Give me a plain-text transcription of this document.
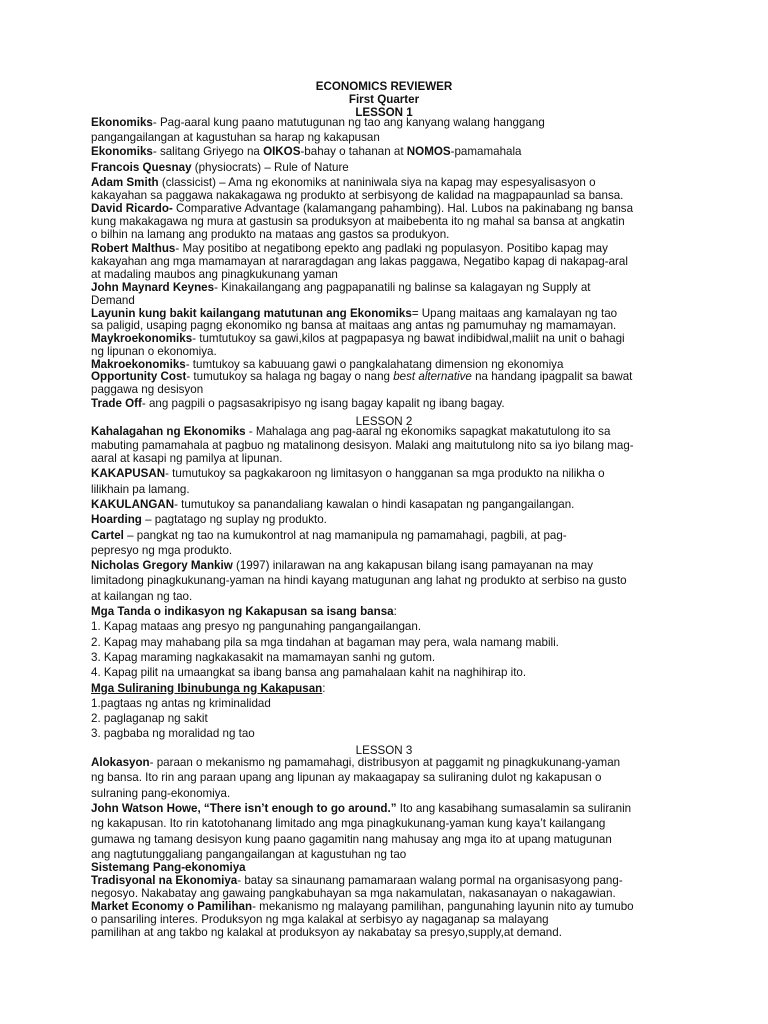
ECONOMICS REVIEWER
First Quarter
LESSON 1
Ekonomiks- Pag-aaral kung paano matutugunan ng tao ang kanyang walang hanggang
pangangailangan at kagustuhan sa harap ng kakapusan
Ekonomiks- salitang Griyego na OIKOS-bahay o tahanan at NOMOS-pamamahala
Francois Quesnay (physiocrats) – Rule of Nature
Adam Smith (classicist) – Ama ng ekonomiks at naniniwala siya na kapag may espesyalisasyon o
kakayahan sa paggawa nakakagawa ng produkto at serbisyong de kalidad na magpapaunlad sa bansa.
David Ricardo- Comparative Advantage (kalamangang pahambing). Hal. Lubos na pakinabang ng bansa
kung makakagawa ng mura at gastusin sa produksyon at maibebenta ito ng mahal sa bansa at angkatin
o bilhin na lamang ang produkto na mataas ang gastos sa produkyon.
Robert Malthus- May positibo at negatibong epekto ang padlaki ng populasyon. Positibo kapag may
kakayahan ang mga mamamayan at nararagdagan ang lakas paggawa, Negatibo kapag di nakapag-aral
at madaling maubos ang pinagkukunang yaman
John Maynard Keynes- Kinakailangang ang pagpapanatili ng balinse sa kalagayan ng Supply at
Demand
Layunin kung bakit kailangang matutunan ang Ekonomiks= Upang maitaas ang kamalayan ng tao
sa paligid, usaping pagng ekonomiko ng bansa at maitaas ang antas ng pamumuhay ng mamamayan.
Maykroekonomiks- tumtutukoy sa gawi,kilos at pagpapasya ng bawat indibidwal,maliit na unit o bahagi
ng lipunan o ekonomiya.
Makroekonomiks- tumtukoy sa kabuuang gawi o pangkalahatang dimension ng ekonomiya
Opportunity Cost- tumutukoy sa halaga ng bagay o nang best alternative na handang ipagpalit sa bawat
paggawa ng desisyon
Trade Off- ang pagpili o pagsasakripisyo ng isang bagay kapalit ng ibang bagay.
LESSON 2
Kahalagahan ng Ekonomiks - Mahalaga ang pag-aaral ng ekonomiks sapagkat makatutulong ito sa
mabuting pamamahala at pagbuo ng matalinong desisyon. Malaki ang maitutulong nito sa iyo bilang mag-
aaral at kasapi ng pamilya at lipunan.
KAKAPUSAN- tumutukoy sa pagkakaroon ng limitasyon o hangganan sa mga produkto na nilikha o
lilikhain pa lamang.
KAKULANGAN- tumutukoy sa panandaliang kawalan o hindi kasapatan ng pangangailangan.
Hoarding – pagtatago ng suplay ng produkto.
Cartel – pangkat ng tao na kumukontrol at nag mamanipula ng pamamahagi, pagbili, at pag-
pepresyo ng mga produkto.
Nicholas Gregory Mankiw (1997) inilarawan na ang kakapusan bilang isang pamayanan na may
limitadong pinagkukunang-yaman na hindi kayang matugunan ang lahat ng produkto at serbiso na gusto
at kailangan ng tao.
Mga Tanda o indikasyon ng Kakapusan sa isang bansa:
1. Kapag mataas ang presyo ng pangunahing pangangailangan.
2. Kapag may mahabang pila sa mga tindahan at bagaman may pera, wala namang mabili.
3. Kapag maraming nagkakasakit na mamamayan sanhi ng gutom.
4. Kapag pilit na umaangkat sa ibang bansa ang pamahalaan kahit na naghihirap ito.
Mga Suliraning Ibinubunga ng Kakapusan:
1.pagtaas ng antas ng kriminalidad
2. paglaganap ng sakit
3. pagbaba ng moralidad ng tao
LESSON 3
Alokasyon- paraan o mekanismo ng pamamahagi, distribusyon at paggamit ng pinagkukunang-yaman
ng bansa. Ito rin ang paraan upang ang lipunan ay makaagapay sa suliraning dulot ng kakapusan o
sulraning pang-ekonomiya.
John Watson Howe, “There isn’t enough to go around.” Ito ang kasabihang sumasalamin sa suliranin
ng kakapusan. Ito rin katotohanang limitado ang mga pinagkukunang-yaman kung kaya’t kailangang
gumawa ng tamang desisyon kung paano gagamitin nang mahusay ang mga ito at upang matugunan
ang nagtutunggaliang pangangailangan at kagustuhan ng tao
Sistemang Pang-ekonomiya
Tradisyonal na Ekonomiya- batay sa sinaunang pamamaraan walang pormal na organisasyong pang-
negosyo. Nakabatay ang gawaing pangkabuhayan sa mga nakamulatan, nakasanayan o nakagawian.
Market Economy o Pamilihan- mekanismo ng malayang pamilihan, pangunahing layunin nito ay tumubo
o pansariling interes. Produksyon ng mga kalakal at serbisyo ay nagaganap sa malayang
pamilihan at ang takbo ng kalakal at produksyon ay nakabatay sa presyo,supply,at demand.
